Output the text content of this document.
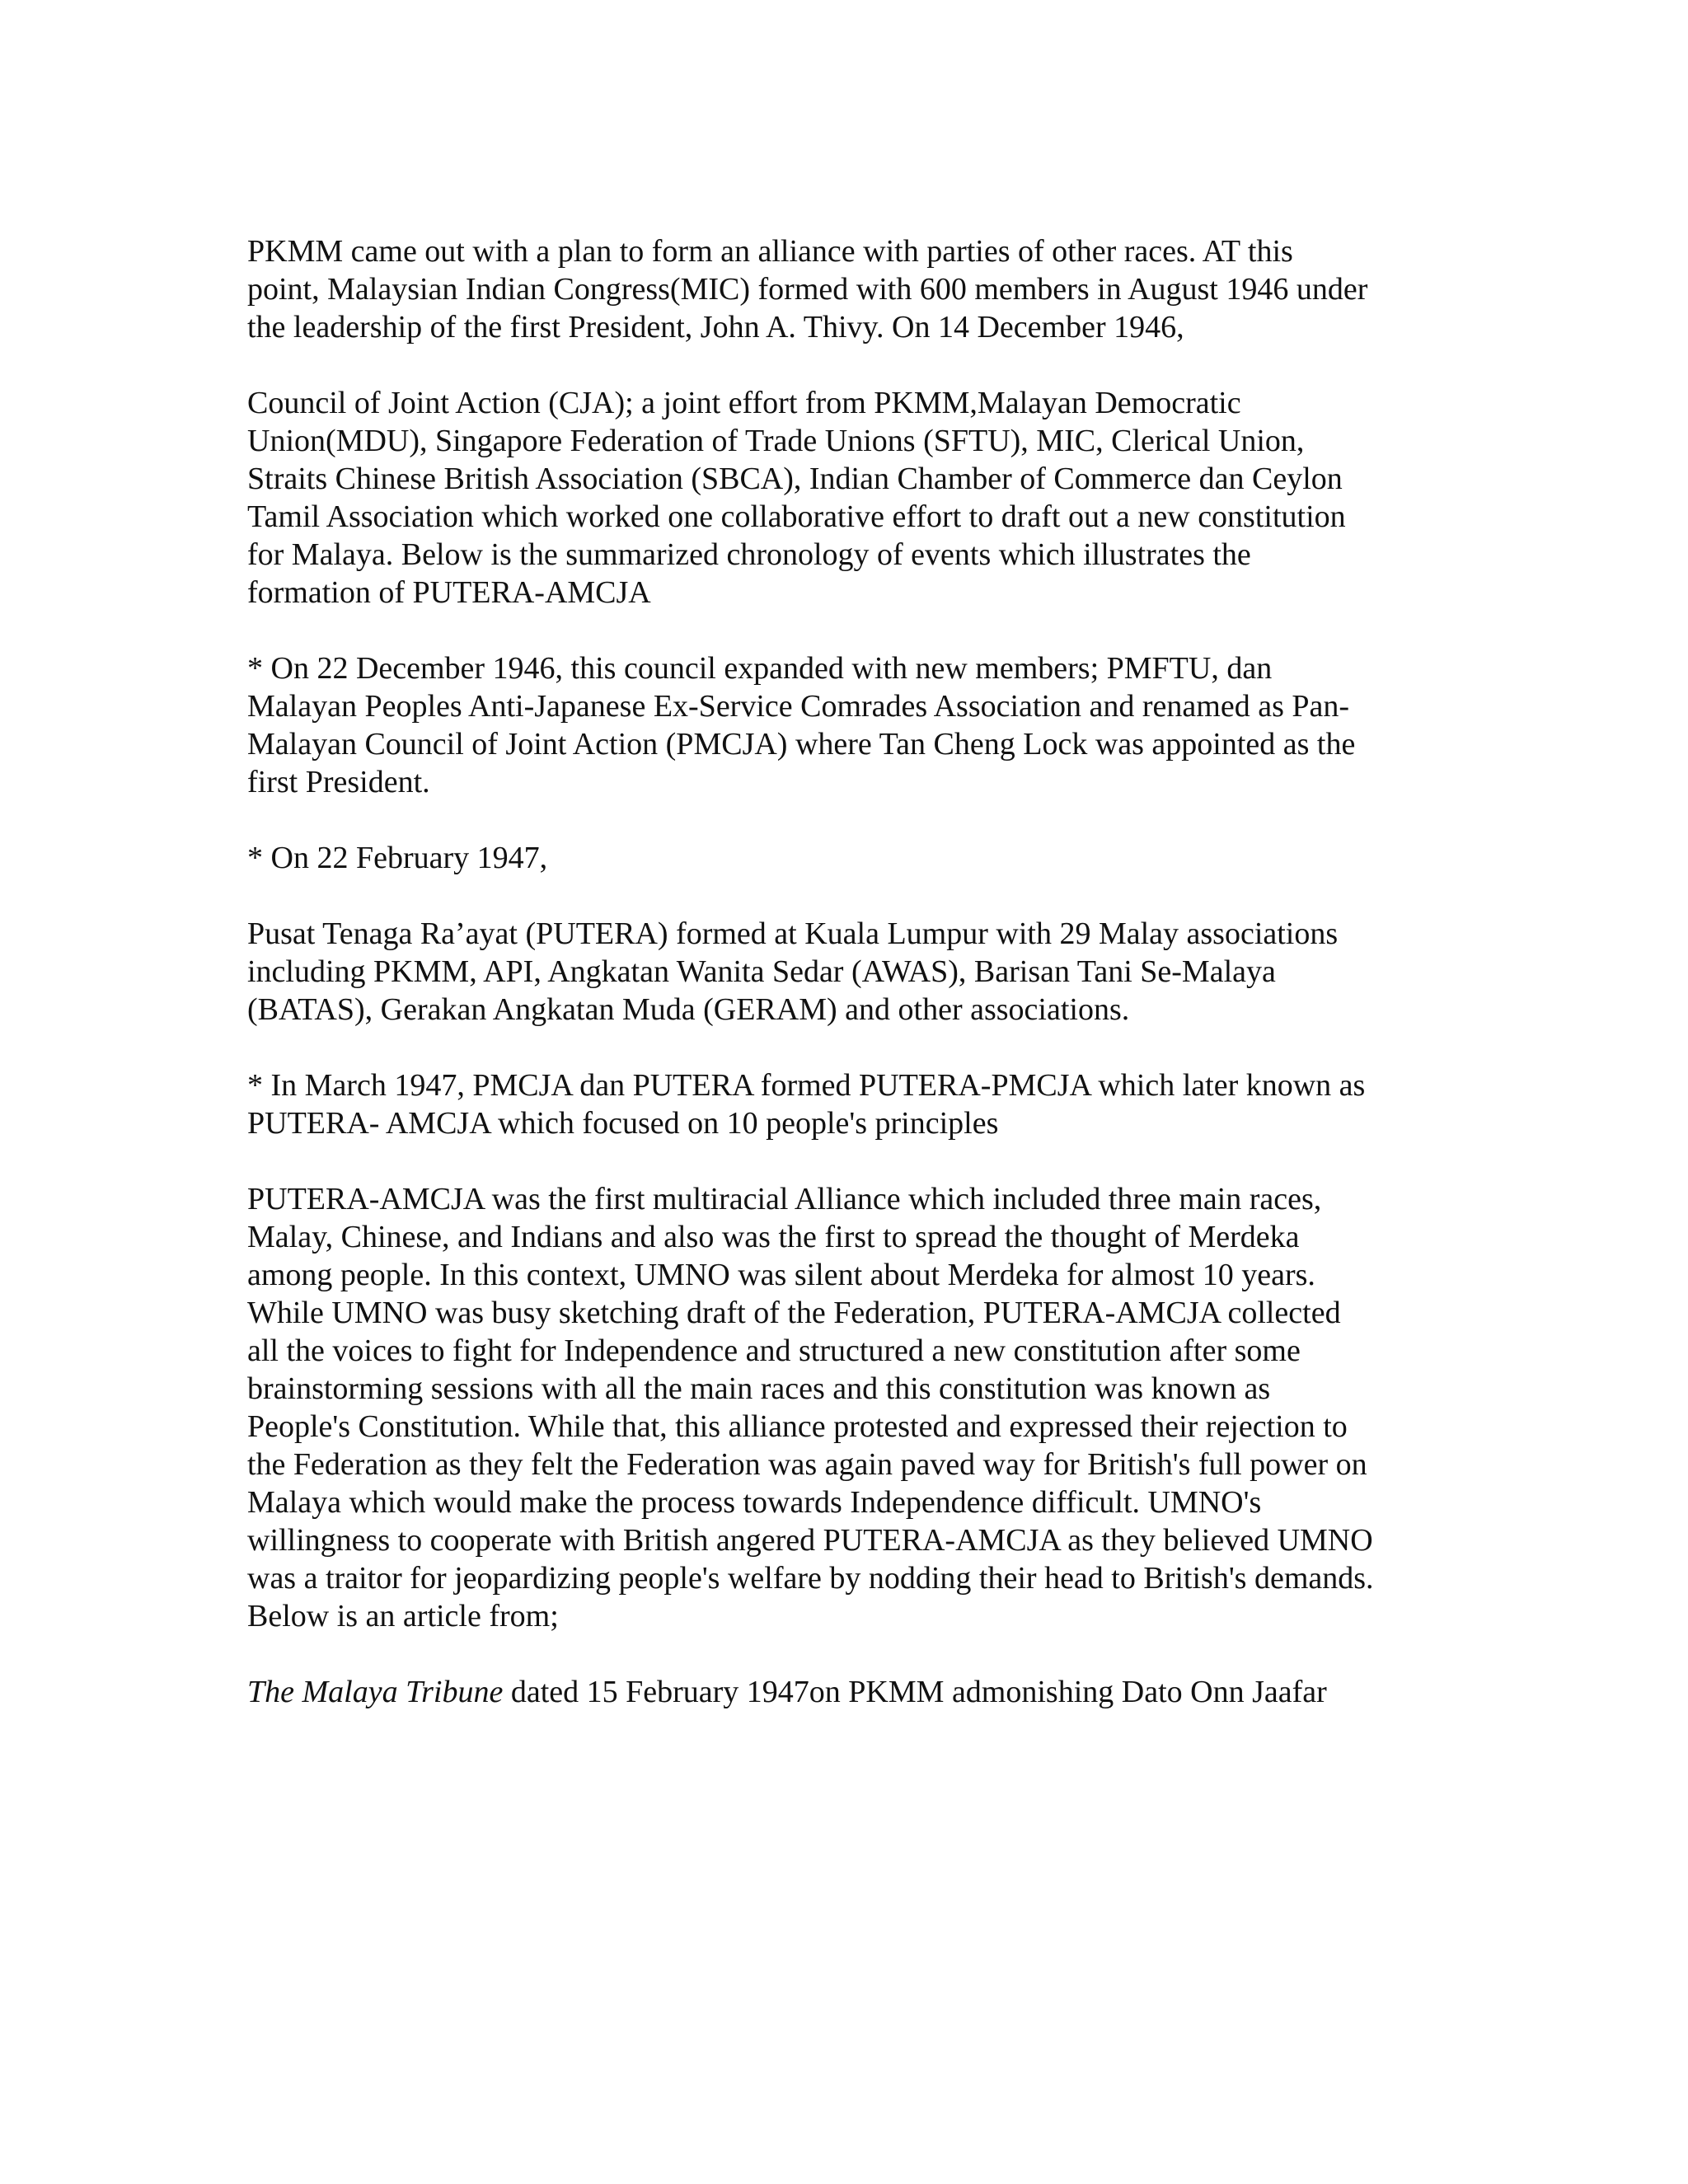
PKMM came out with a plan to form an alliance with parties of other races. AT this
point, Malaysian Indian Congress(MIC) formed with 600 members in August 1946 under
the leadership of the first President, John A. Thivy. On 14 December 1946,

Council of Joint Action (CJA); a joint effort from PKMM,Malayan Democratic
Union(MDU), Singapore Federation of Trade Unions (SFTU), MIC, Clerical Union,
Straits Chinese British Association (SBCA), Indian Chamber of Commerce dan Ceylon
Tamil Association which worked one collaborative effort to draft out a new constitution
for Malaya. Below is the summarized chronology of events which illustrates the
formation of PUTERA-AMCJA

* On 22 December 1946, this council expanded with new members; PMFTU, dan
Malayan Peoples Anti-Japanese Ex-Service Comrades Association and renamed as Pan-
Malayan Council of Joint Action (PMCJA) where Tan Cheng Lock was appointed as the
first President.

* On 22 February 1947,

Pusat Tenaga Ra’ayat (PUTERA) formed at Kuala Lumpur with 29 Malay associations
including PKMM, API, Angkatan Wanita Sedar (AWAS), Barisan Tani Se-Malaya
(BATAS), Gerakan Angkatan Muda (GERAM) and other associations.

* In March 1947, PMCJA dan PUTERA formed PUTERA-PMCJA which later known as
PUTERA- AMCJA which focused on 10 people's principles

PUTERA-AMCJA was the first multiracial Alliance which included three main races,
Malay, Chinese, and Indians and also was the first to spread the thought of Merdeka
among people. In this context, UMNO was silent about Merdeka for almost 10 years.
While UMNO was busy sketching draft of the Federation, PUTERA-AMCJA collected
all the voices to fight for Independence and structured a new constitution after some
brainstorming sessions with all the main races and this constitution was known as
People's Constitution. While that, this alliance protested and expressed their rejection to
the Federation as they felt the Federation was again paved way for British's full power on
Malaya which would make the process towards Independence difficult. UMNO's
willingness to cooperate with British angered PUTERA-AMCJA as they believed UMNO
was a traitor for jeopardizing people's welfare by nodding their head to British's demands.
Below is an article from;

The Malaya Tribune dated 15 February 1947on PKMM admonishing Dato Onn Jaafar
